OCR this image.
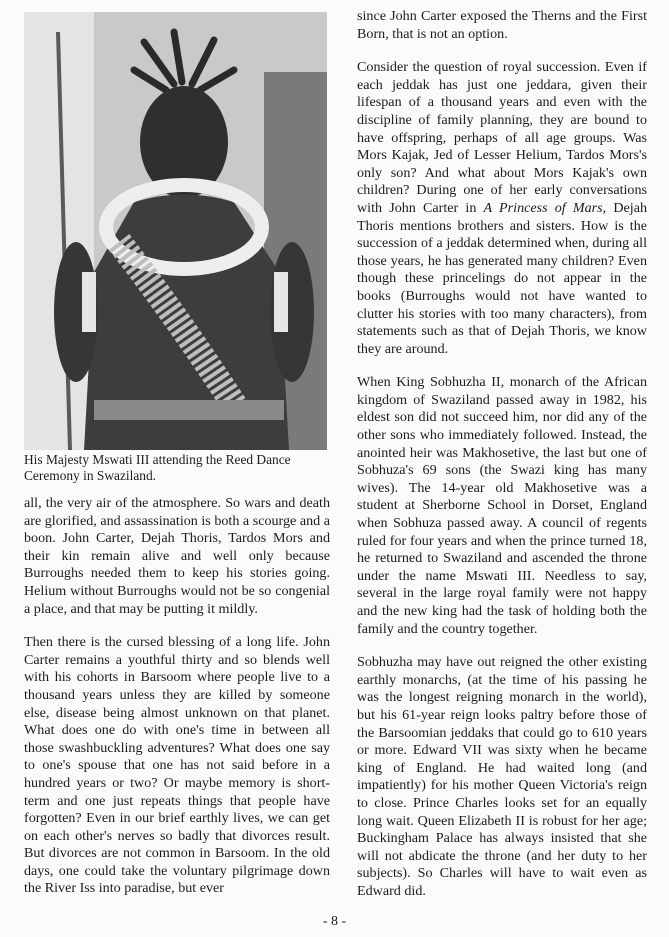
His Majesty Mswati III attending the Reed Dance Ceremony in Swaziland.

all, the very air of the atmosphere. So wars and death are glorified, and assassination is both a scourge and a boon. John Carter, Dejah Thoris, Tardos Mors and their kin remain alive and well only because Burroughs needed them to keep his stories going. Helium without Burroughs would not be so congenial a place, and that may be putting it mildly.

Then there is the cursed blessing of a long life. John Carter remains a youthful thirty and so blends well with his cohorts in Barsoom where people live to a thousand years unless they are killed by someone else, disease being almost unknown on that planet. What does one do with one's time in between all those swashbuckling adventures? What does one say to one's spouse that one has not said before in a hundred years or two? Or maybe memory is short-term and one just repeats things that people have forgotten? Even in our brief earthly lives, we can get on each other's nerves so badly that divorces result. But divorces are not common in Barsoom. In the old days, one could take the voluntary pilgrimage down the River Iss into paradise, but ever

since John Carter exposed the Therns and the First Born, that is not an option.

Consider the question of royal succession. Even if each jeddak has just one jeddara, given their lifespan of a thousand years and even with the discipline of family planning, they are bound to have offspring, perhaps of all age groups. Was Mors Kajak, Jed of Lesser Helium, Tardos Mors's only son? And what about Mors Kajak's own children? During one of her early conversations with John Carter in A Princess of Mars, Dejah Thoris mentions brothers and sisters. How is the succession of a jeddak determined when, during all those years, he has generated many children? Even though these princelings do not appear in the books (Burroughs would not have wanted to clutter his stories with too many characters), from statements such as that of Dejah Thoris, we know they are around.

When King Sobhuzha II, monarch of the African kingdom of Swaziland passed away in 1982, his eldest son did not succeed him, nor did any of the other sons who immediately followed. Instead, the anointed heir was Makhosetive, the last but one of Sobhuza's 69 sons (the Swazi king has many wives). The 14-year old Makhosetive was a student at Sherborne School in Dorset, England when Sobhuza passed away. A council of regents ruled for four years and when the prince turned 18, he returned to Swaziland and ascended the throne under the name Mswati III. Needless to say, several in the large royal family were not happy and the new king had the task of holding both the family and the country together.

Sobhuzha may have out reigned the other existing earthly monarchs, (at the time of his passing he was the longest reigning monarch in the world), but his 61-year reign looks paltry before those of the Barsoomian jeddaks that could go to 610 years or more. Edward VII was sixty when he became king of England. He had waited long (and impatiently) for his mother Queen Victoria's reign to close. Prince Charles looks set for an equally long wait. Queen Elizabeth II is robust for her age; Buckingham Palace has always insisted that she will not abdicate the throne (and her duty to her subjects). So Charles will have to wait even as Edward did.

- 8 -
